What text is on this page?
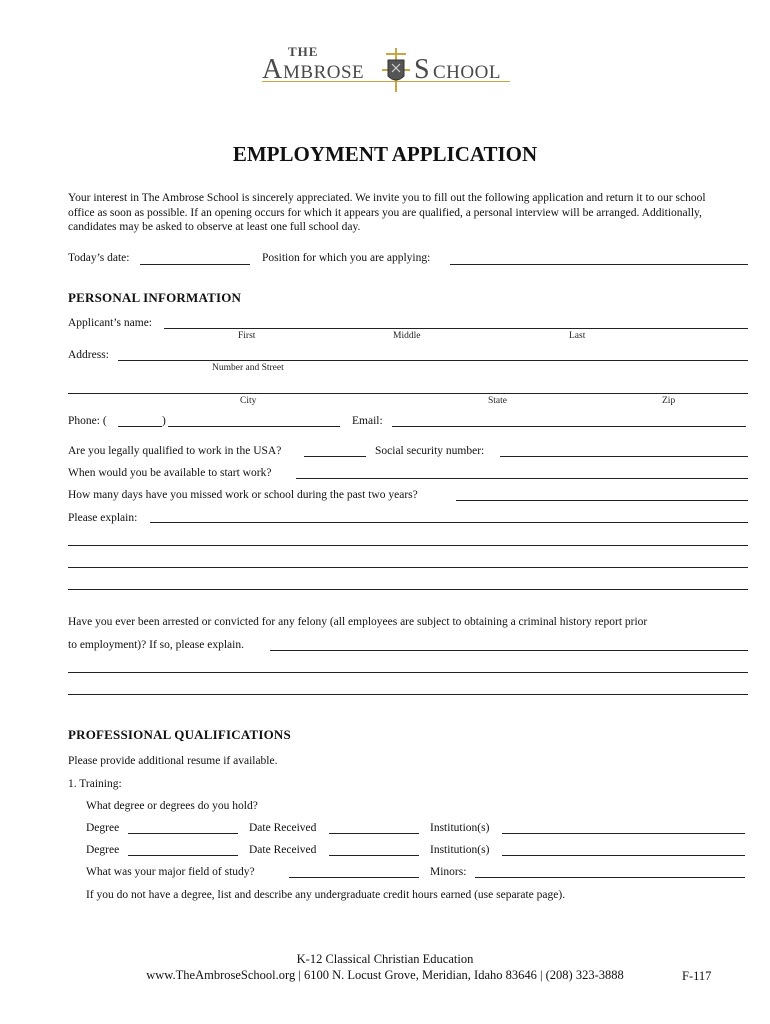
THE
A MBROSE S CHOOL
EMPLOYMENT APPLICATION
Your interest in The Ambrose School is sincerely appreciated. We invite you to fill out the following application and return it to our school office as soon as possible. If an opening occurs for which it appears you are qualified, a personal interview will be arranged. Additionally, candidates may be asked to observe at least one full school day.
Today’s date:	Position for which you are applying:
PERSONAL INFORMATION
Applicant’s name:
First	Middle	Last
Address:
Number and Street
City	State	Zip
Phone: (	)	Email:
Are you legally qualified to work in the USA?	Social security number:
When would you be available to start work?
How many days have you missed work or school during the past two years?
Please explain:
Have you ever been arrested or convicted for any felony (all employees are subject to obtaining a criminal history report prior
to employment)? If so, please explain.
PROFESSIONAL QUALIFICATIONS
Please provide additional resume if available.
1. Training:
What degree or degrees do you hold?
Degree	Date Received	Institution(s)
Degree	Date Received	Institution(s)
What was your major field of study?	Minors:
If you do not have a degree, list and describe any undergraduate credit hours earned (use separate page).
K-12 Classical Christian Education
www.TheAmbroseSchool.org | 6100 N. Locust Grove, Meridian, Idaho 83646 | (208) 323-3888	F-117
